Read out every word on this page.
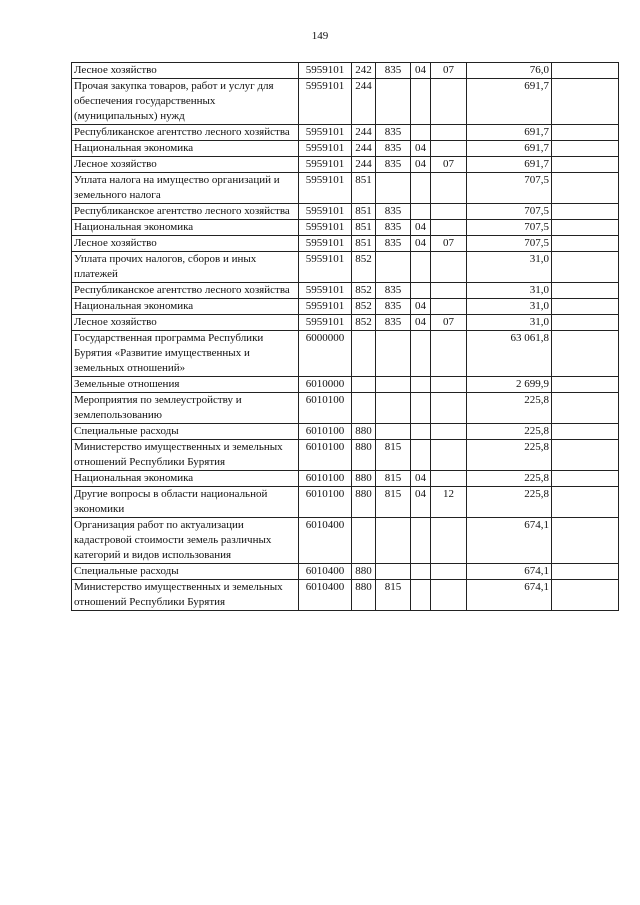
149
Лесное хозяйство	5959101	242	835	04	07	76,0	
Прочая закупка товаров, работ и услуг для обеспечения государственных (муниципальных) нужд	5959101	244				691,7	
Республиканское агентство лесного хозяйства	5959101	244	835			691,7	
Национальная экономика	5959101	244	835	04		691,7	
Лесное хозяйство	5959101	244	835	04	07	691,7	
Уплата налога на имущество организаций и земельного налога	5959101	851				707,5	
Республиканское агентство лесного хозяйства	5959101	851	835			707,5	
Национальная экономика	5959101	851	835	04		707,5	
Лесное хозяйство	5959101	851	835	04	07	707,5	
Уплата прочих налогов, сборов и иных платежей	5959101	852				31,0	
Республиканское агентство лесного хозяйства	5959101	852	835			31,0	
Национальная экономика	5959101	852	835	04		31,0	
Лесное хозяйство	5959101	852	835	04	07	31,0	
Государственная программа Республики Бурятия «Развитие имущественных и земельных отношений»	6000000					63 061,8	
Земельные отношения	6010000					2 699,9	
Мероприятия по землеустройству и землепользованию	6010100					225,8	
Специальные расходы	6010100	880				225,8	
Министерство имущественных и земельных отношений Республики Бурятия	6010100	880	815			225,8	
Национальная экономика	6010100	880	815	04		225,8	
Другие вопросы в области национальной экономики	6010100	880	815	04	12	225,8	
Организация работ по актуализации кадастровой стоимости земель различных категорий и видов использования	6010400					674,1	
Специальные расходы	6010400	880				674,1	
Министерство имущественных и земельных отношений Республики Бурятия	6010400	880	815			674,1	
